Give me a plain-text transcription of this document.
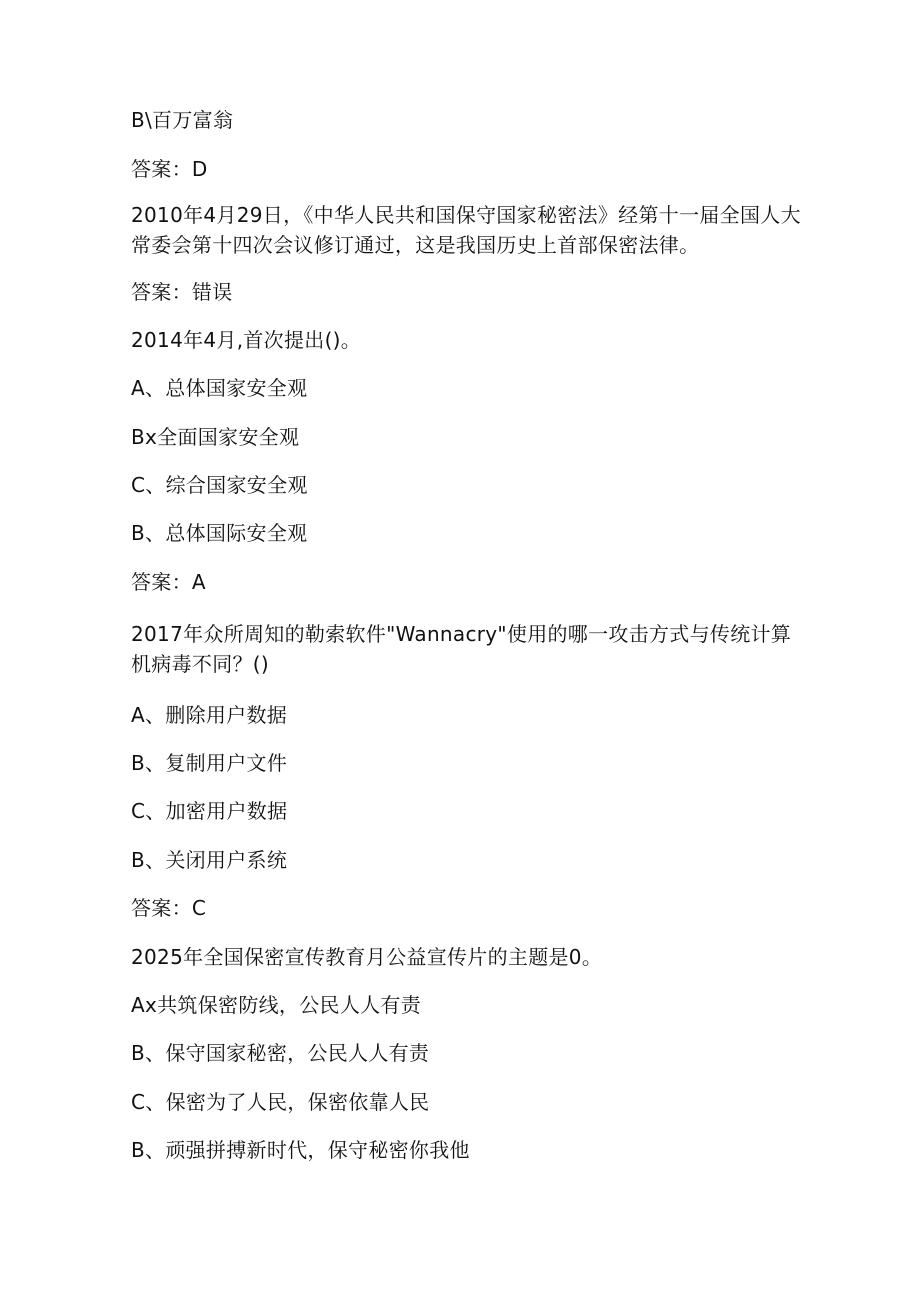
B\百万富翁
答案：D
2010年4月29日，《中华人民共和国保守国家秘密法》经第十一届全国人大常委会第十四次会议修订通过，这是我国历史上首部保密法律。
答案：错误
2014年4月,首次提出()。
A、总体国家安全观
Bx全面国家安全观
C、综合国家安全观
B、总体国际安全观
答案：A
2017年众所周知的勒索软件"Wannacry"使用的哪一攻击方式与传统计算机病毒不同？()
A、删除用户数据
B、复制用户文件
C、加密用户数据
B、关闭用户系统
答案：C
2025年全国保密宣传教育月公益宣传片的主题是0。
Ax共筑保密防线，公民人人有责
B、保守国家秘密，公民人人有责
C、保密为了人民，保密依靠人民
B、顽强拼搏新时代，保守秘密你我他
